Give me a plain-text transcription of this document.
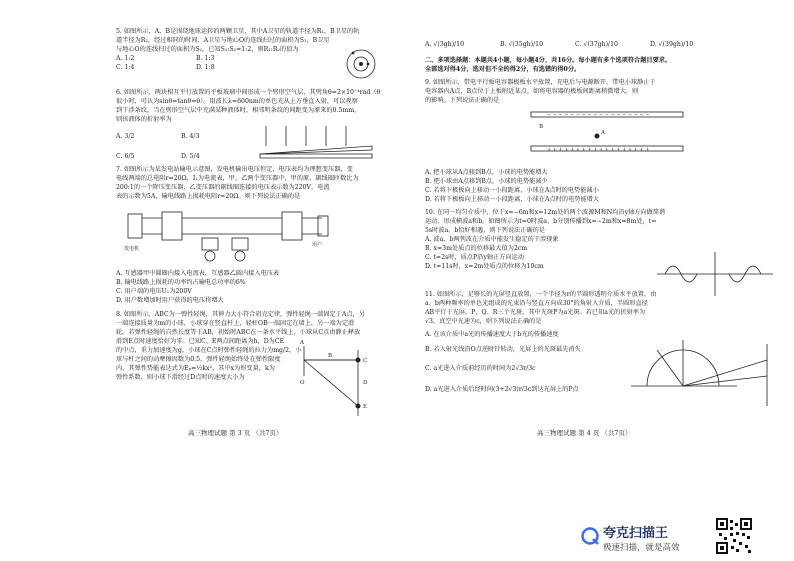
5. 如图所示，A、B是围绕地球运转的两颗卫星，其中A卫星的轨道半径为R₁，B卫星的轨

道半径为R₂，经过相同的时间，A卫星与地心O的连线扫过的面积为S₁，B卫星

与地心O的连线扫过的面积为S₂，已知S₁:S₂=1:2，则R₁:R₂的值为

A. 1:2	B. 1:3
C. 1:4	D. 1:8

6. 如图所示，两块相互平行放置的平板玻璃中间形成一个劈形空气层，其劈角θ=2×10⁻⁴rad（θ

很小时，可认为sinθ=tanθ=θ）。用波长λ=600nm的单色光从上方垂直入射，可以观察

到干涉条纹。当在劈形空气层中充满某种液体时，相邻明条纹的间距变为原来的0.5mm，

则该液体的折射率为

A. 3/2	B. 4/3
C. 6/5	D. 5/4

7. 如图所示为某发电站输电示意图，发电机输出电压恒定，电压表均为理想变压器，变

电线两端的总电阻r=20Ω，I₂为电流表，甲、乙两个变压器中，甲的原、副线圈匝数比为

200:1的一个降压变压器，乙变压器的副线圈连接的电压表示数为220V，电流

表的示数为5A，输电线路上损耗电阻r=20Ω。则下列说法正确的是

发电机
用户

A. 互感器甲中圆圈内接入电流表，互感器乙圆内接入电压表

B. 输电线路上损耗的功率约占输电总功率的6%

C. 用户端的电压U₁为200V

D. 用户数增加时用户获得的电压将增大

8. 如图所示，ABC为一弹性轻绳，其伸力大小符合胡克定律，弹性轻绳一端固定于A点，另

一端连接质量为m的小球，小球穿在竖直杆上，轻杆OB一端固定在墙上，另一端为定滑

轮。若弹性轻绳的自然长度等于AB，初始时ABC在一条水平线上，小球从C点由静止释放

滑到E点时速度恰好为零。已知C、E两点间距离为h，D为CE

的中点，重力加速度为g，小球在C点时弹性轻绳的拉力为mg/2，小

球与杆之间的动摩擦因数为0.5，弹性轻绳始终处在弹性限度

内，其弹性势能表达式为Eₚ=½kx²，其中x为形变量，k为

弹性系数，则小球下滑经过D点时的速度大小为

A
B
O
C
D
E
高三物理试题 第 3 页 （共7页）
A. √(3gh)/10	B. √(35gh)/10	C. √(37gh)/10	D. √(39gh)/10

二、多项选择题：本题共4小题，每小题4分，共16分。每小题有多个选项符合题目要求。

全部选对得4分，选对但不全的得2分，有选错的得0分。

9. 如图所示，带电平行板电容器极板水平放置，充电后与电源断开。带电小球静止于

电容器内A点，B点位于上板附近某点。如将电容器的极板间距离稍微增大，则

的影响。下列说法正确的是

− − − − − − − − − − − − − − − − − −
+ + + + + + + + + + + + + + + + + +
B
A

A. 把小球从A点移到B点，小球的电势能增大

B. 把小球由A点移到B点，小球的电势能减少

C. 若将下极板向上移动一小段距离，小球在A点时的电势能减小

D. 若将下极板向上移动一小段距离，小球在A点时的电势能增大

10. 在同一均匀介质中，位于x=−6m和x=12m处的两个波源M和N均沿y轴方向做简谐

运动，形成横波a和b。如图所示为t=0时波a、b分别传播到x=−2m和x=8m处，t=

5s时波a、b恰好相遇，则下列说法正确的是

A. 波a、b两列波在介质中能发生稳定的干涉现象

B. x=3m处质点的位移最大值为2cm

C. t=2s时，质点P沿y轴正方向运动

D. t=11s时，x=2m处质点的位移为10cm

11. 如图所示，足够长的光屏竖直放置，一个半径为r的半圆形透明介质水平放置，由

a、b两种频率的单色光组成的光束沿与竖直方向成30°的角射入介质，半圆形直径

AB平行于光屏，P、Q、R三个光斑，其中光斑P为a光斑。若已知a光的折射率为

√3，真空中光速为c，则下列说法正确的是

A. 在该介质中a光的传播速度大于b光的传播速度

B. 若入射光线沿O点逆时针转动，光屏上的光斑最先消失

C. a光进入介质前经历的时间为2√3r/3c

D. a光进入介质后经时间(3+2√3)r/3c到达光屏上的P点

高三物理试题 第 4 页 （共7页）
夸克扫描王
极速扫描，就是高效
